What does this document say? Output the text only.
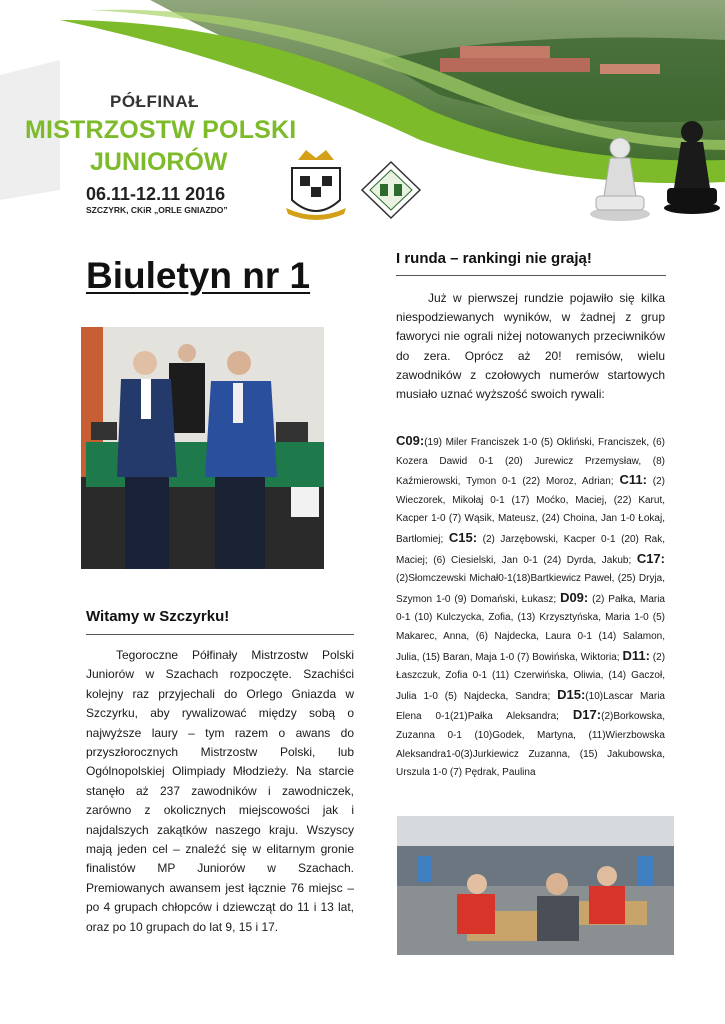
PÓŁFINAŁ
MISTRZOSTW POLSKI
JUNIORÓW
06.11-12.11 2016
SZCZYRK, CKiR „ORLE GNIAZDO”
Biuletyn nr 1
Witamy w Szczyrku!
Tegoroczne Półfinały Mistrzostw Polski Juniorów w Szachach rozpoczęte. Szachiści kolejny raz przyjechali do Orlego Gniazda w Szczyrku, aby rywalizować między sobą o najwyższe laury – tym razem o awans do przyszłorocznych Mistrzostw Polski, lub Ogólnopolskiej Olimpiady Młodzieży. Na starcie stanęło aż 237 zawodników i zawodniczek, zarówno z okolicznych miejscowości jak i najdalszych zakątków naszego kraju. Wszyscy mają jeden cel – znaleźć się w elitarnym gronie finalistów MP Juniorów w Szachach. Premiowanych awansem jest łącznie 76 miejsc – po 4 grupach chłopców i dziewcząt do 11 i 13 lat, oraz po 10 grupach do lat 9, 15 i 17.
I runda – rankingi nie grają!
Już w pierwszej rundzie pojawiło się kilka niespodziewanych wyników, w żadnej z grup faworyci nie ograli niżej notowanych przeciwników do zera. Oprócz aż 20! remisów, wielu zawodników z czołowych numerów startowych musiało uznać wyższość swoich rywali:
C09:(19) Miler Franciszek 1-0 (5) Okliński, Franciszek, (6) Kozera Dawid 0-1 (20) Jurewicz Przemysław, (8) Kaźmierowski, Tymon 0-1 (22) Moroz, Adrian; C11: (2) Wieczorek, Mikołaj 0-1 (17) Moćko, Maciej, (22) Karut, Kacper 1-0 (7) Wąsik, Mateusz, (24) Choina, Jan 1-0 Łokaj, Bartłomiej; C15: (2) Jarzębowski, Kacper 0-1 (20) Rak, Maciej; (6) Ciesielski, Jan 0-1 (24) Dyrda, Jakub; C17:(2)Słomczewski Michał0-1(18)Bartkiewicz Paweł, (25) Dryja, Szymon 1-0 (9) Domański, Łukasz; D09: (2) Pałka, Maria 0-1 (10) Kulczycka, Zofia, (13) Krzysztyńska, Maria 1-0 (5) Makarec, Anna, (6) Najdecka, Laura 0-1 (14) Salamon, Julia, (15) Baran, Maja 1-0 (7) Bowińska, Wiktoria; D11: (2) Łaszczuk, Zofia 0-1 (11) Czerwińska, Oliwia, (14) Gaczoł, Julia 1-0 (5) Najdecka, Sandra; D15:(10)Lascar Maria Elena 0-1(21)Pałka Aleksandra; D17:(2)Borkowska, Zuzanna 0-1 (10)Godek, Martyna, (11)Wierzbowska Aleksandra1-0(3)Jurkiewicz Zuzanna, (15) Jakubowska, Urszula 1-0 (7) Pędrak, Paulina
